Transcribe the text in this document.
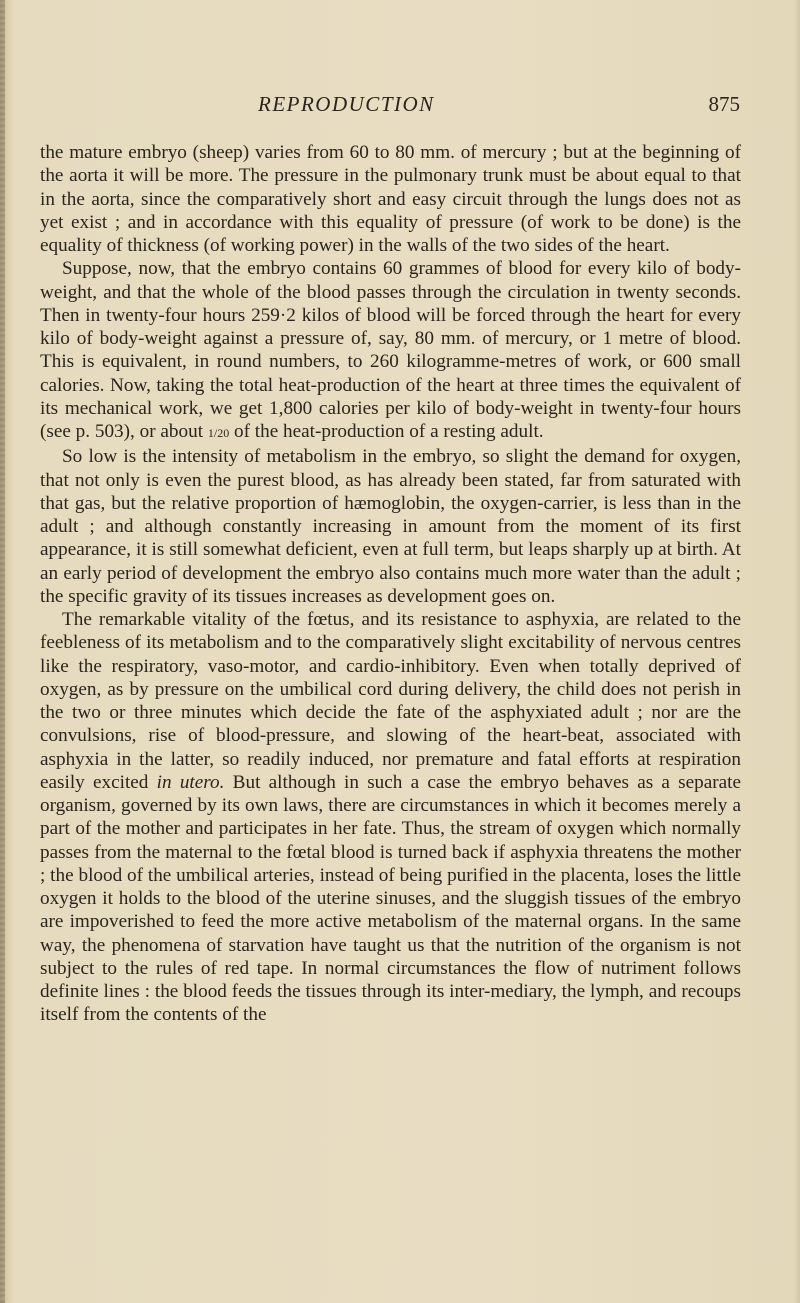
REPRODUCTION	875

the mature embryo (sheep) varies from 60 to 80 mm. of mercury ; but at the beginning of the aorta it will be more. The pressure in the pulmonary trunk must be about equal to that in the aorta, since the comparatively short and easy circuit through the lungs does not as yet exist ; and in accordance with this equality of pressure (of work to be done) is the equality of thickness (of working power) in the walls of the two sides of the heart.

Suppose, now, that the embryo contains 60 grammes of blood for every kilo of body-weight, and that the whole of the blood passes through the circulation in twenty seconds. Then in twenty-four hours 259·2 kilos of blood will be forced through the heart for every kilo of body-weight against a pressure of, say, 80 mm. of mercury, or 1 metre of blood. This is equivalent, in round numbers, to 260 kilogramme-metres of work, or 600 small calories. Now, taking the total heat-production of the heart at three times the equivalent of its mechanical work, we get 1,800 calories per kilo of body-weight in twenty-four hours (see p. 503), or about 1/20 of the heat-production of a resting adult.

So low is the intensity of metabolism in the embryo, so slight the demand for oxygen, that not only is even the purest blood, as has already been stated, far from saturated with that gas, but the relative proportion of hæmoglobin, the oxygen-carrier, is less than in the adult ; and although constantly increasing in amount from the moment of its first appearance, it is still somewhat deficient, even at full term, but leaps sharply up at birth. At an early period of development the embryo also contains much more water than the adult ; the specific gravity of its tissues increases as development goes on.

The remarkable vitality of the fœtus, and its resistance to asphyxia, are related to the feebleness of its metabolism and to the comparatively slight excitability of nervous centres like the respiratory, vaso-motor, and cardio-inhibitory. Even when totally deprived of oxygen, as by pressure on the umbilical cord during delivery, the child does not perish in the two or three minutes which decide the fate of the asphyxiated adult ; nor are the convulsions, rise of blood-pressure, and slowing of the heart-beat, associated with asphyxia in the latter, so readily induced, nor premature and fatal efforts at respiration easily excited in utero. But although in such a case the embryo behaves as a separate organism, governed by its own laws, there are circumstances in which it becomes merely a part of the mother and participates in her fate. Thus, the stream of oxygen which normally passes from the maternal to the fœtal blood is turned back if asphyxia threatens the mother ; the blood of the umbilical arteries, instead of being purified in the placenta, loses the little oxygen it holds to the blood of the uterine sinuses, and the sluggish tissues of the embryo are impoverished to feed the more active metabolism of the maternal organs. In the same way, the phenomena of starvation have taught us that the nutrition of the organism is not subject to the rules of red tape. In normal circumstances the flow of nutriment follows definite lines : the blood feeds the tissues through its inter-mediary, the lymph, and recoups itself from the contents of the
